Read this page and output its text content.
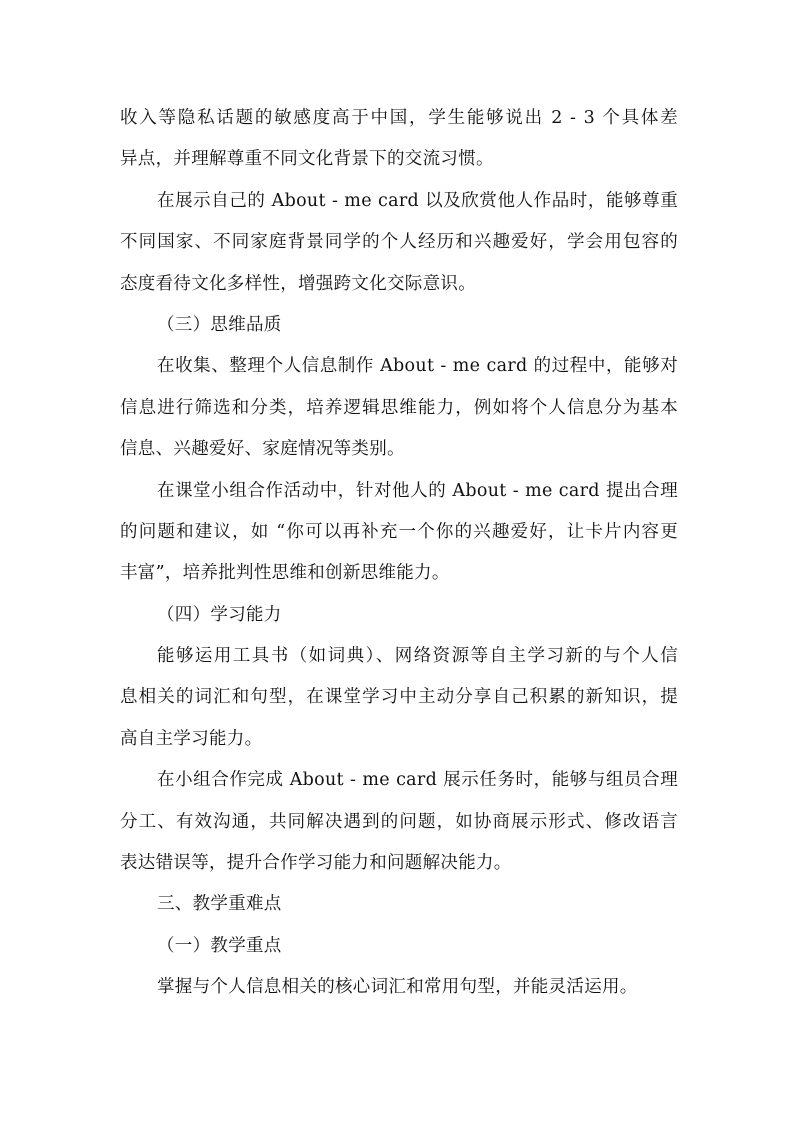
收入等隐私话题的敏感度高于中国，学生能够说出 2 - 3 个具体差
异点，并理解尊重不同文化背景下的交流习惯。
在展示自己的 About - me card 以及欣赏他人作品时，能够尊重
不同国家、不同家庭背景同学的个人经历和兴趣爱好，学会用包容的
态度看待文化多样性，增强跨文化交际意识。
（三）思维品质
在收集、整理个人信息制作 About - me card 的过程中，能够对
信息进行筛选和分类，培养逻辑思维能力，例如将个人信息分为基本
信息、兴趣爱好、家庭情况等类别。
在课堂小组合作活动中，针对他人的 About - me card 提出合理
的问题和建议，如 “你可以再补充一个你的兴趣爱好，让卡片内容更
丰富”，培养批判性思维和创新思维能力。
（四）学习能力
能够运用工具书（如词典）、网络资源等自主学习新的与个人信
息相关的词汇和句型，在课堂学习中主动分享自己积累的新知识，提
高自主学习能力。
在小组合作完成 About - me card 展示任务时，能够与组员合理
分工、有效沟通，共同解决遇到的问题，如协商展示形式、修改语言
表达错误等，提升合作学习能力和问题解决能力。
三、教学重难点
（一）教学重点
掌握与个人信息相关的核心词汇和常用句型，并能灵活运用。
